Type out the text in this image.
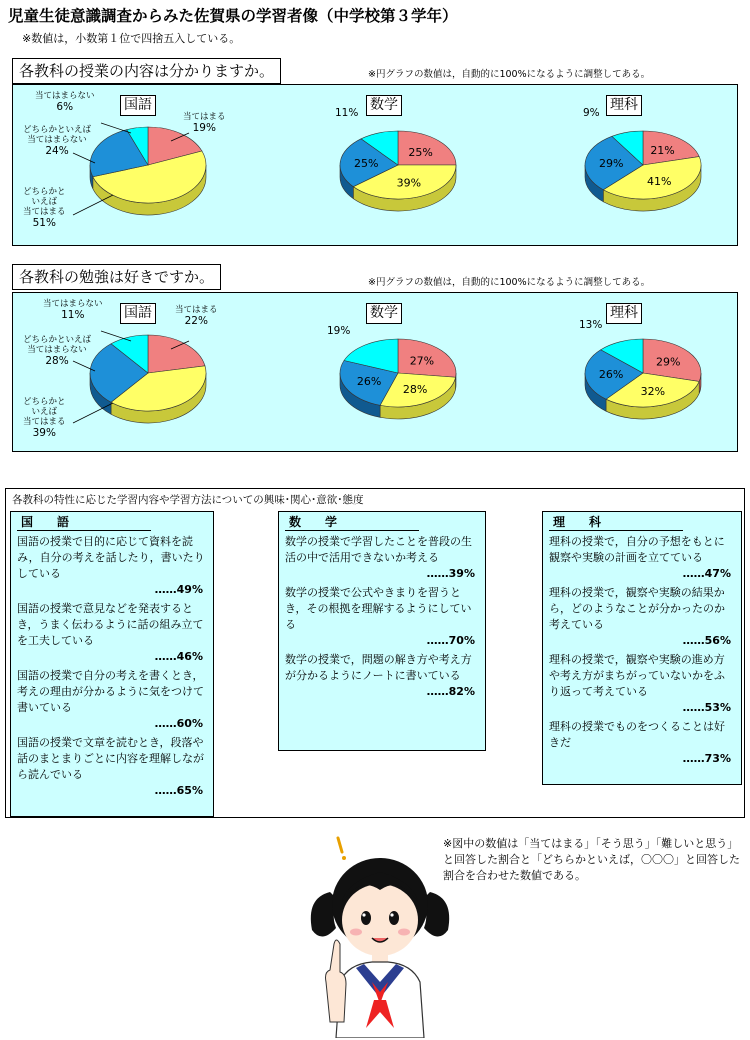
児童生徒意識調査からみた佐賀県の学習者像（中学校第３学年）
※数値は，小数第１位で四捨五入している。
各教科の授業の内容は分かりますか。	※円グラフの数値は，自動的に100%になるように調整してある。
国語	数学	理科
25%
39%
25%
21%
41%
29%
当てはまらない
6%
当てはまる
19%
どちらかといえば
当てはまらない
24%
どちらかと
いえば
当てはまる
51%
11%	9%
各教科の勉強は好きですか。	※円グラフの数値は，自動的に100%になるように調整してある。
国語	数学	理科
27%
28%
26%
29%
32%
26%
当てはまらない
11%	当てはまる
22%
どちらかといえば
当てはまらない
28%
どちらかと
いえば
当てはまる
39%
19%	13%
各教科の特性に応じた学習内容や学習方法についての興味･関心･意欲･態度
国　語
国語の授業で目的に応じて資料を読み，自分の考えを話したり，書いたりしている
……49%
国語の授業で意見などを発表するとき，うまく伝わるように話の組み立てを工夫している
……46%
国語の授業で自分の考えを書くとき，考えの理由が分かるように気をつけて書いている
……60%
国語の授業で文章を読むとき，段落や話のまとまりごとに内容を理解しながら読んでいる
……65%
数　学
数学の授業で学習したことを普段の生活の中で活用できないか考える
……39%
数学の授業で公式やきまりを習うとき，その根拠を理解するようにしている
……70%
数学の授業で，問題の解き方や考え方が分かるようにノートに書いている
……82%
理　科
理科の授業で，自分の予想をもとに観察や実験の計画を立てている
……47%
理科の授業で，観察や実験の結果から，どのようなことが分かったのか考えている
……56%
理科の授業で，観察や実験の進め方や考え方がまちがっていないかをふり返って考えている
……53%
理科の授業でものをつくることは好きだ
……73%
※図中の数値は「当てはまる」「そう思う」「難しいと思う」と回答した割合と「どちらかといえば，〇〇〇」と回答した割合を合わせた数値である。
